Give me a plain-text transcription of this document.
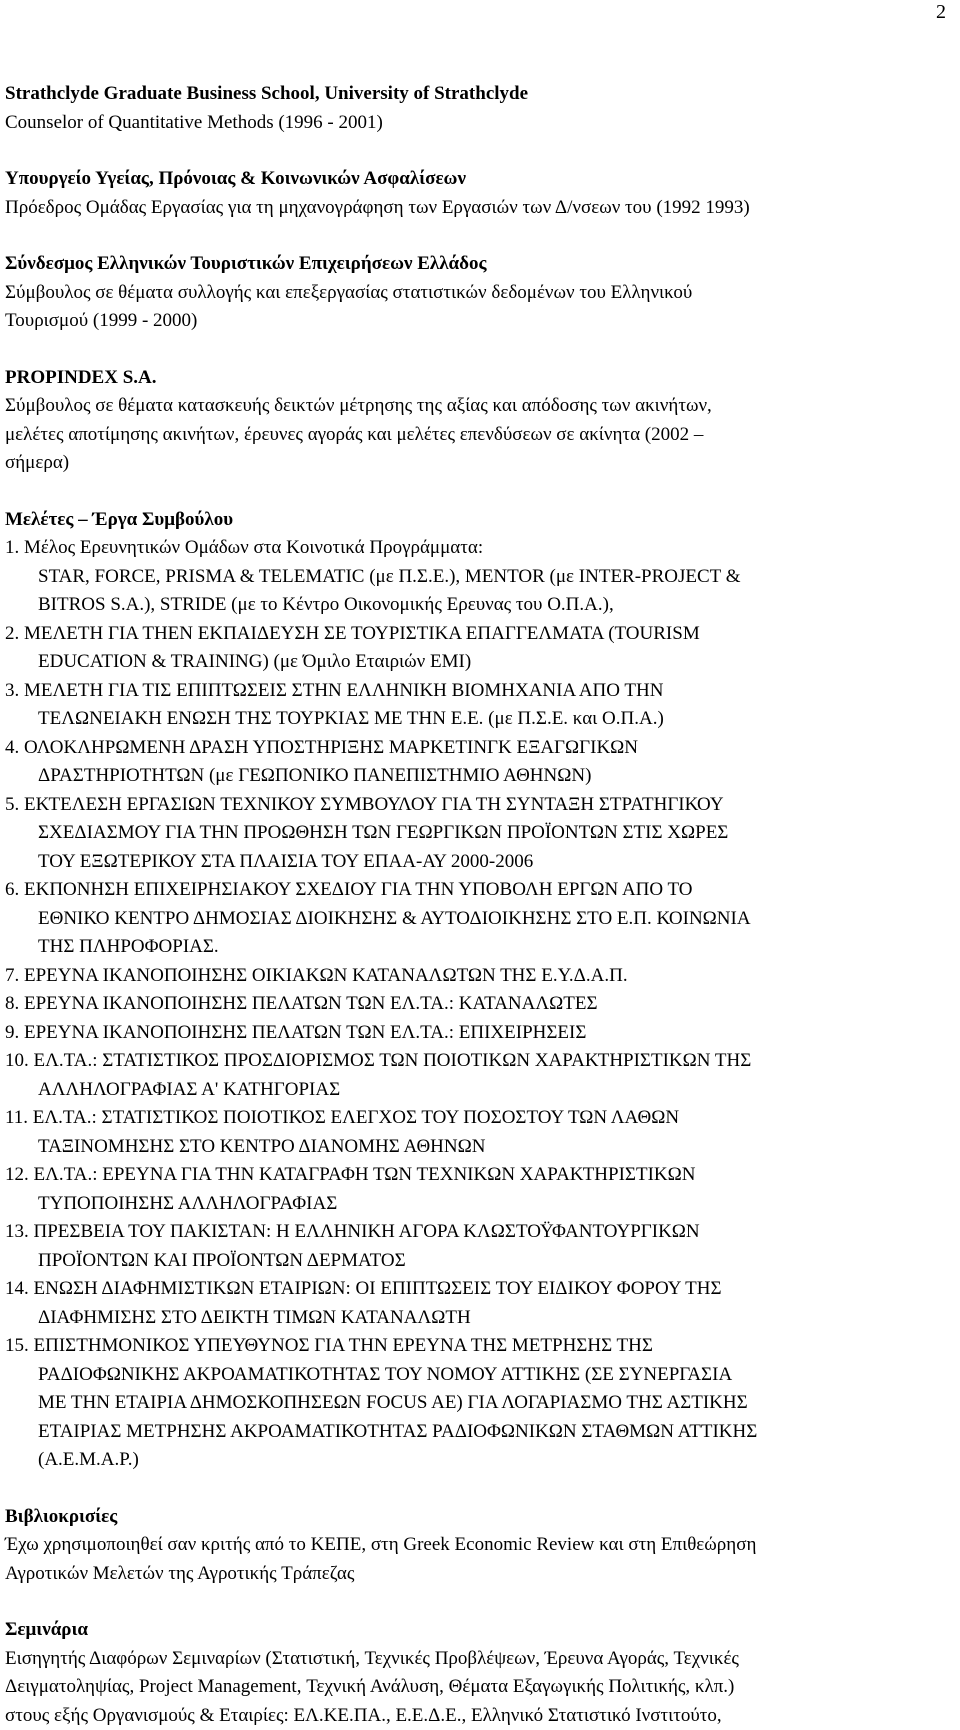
2
Strathclyde Graduate Business School, University of Strathclyde
Counselor of Quantitative Methods (1996 - 2001)
Υπουργείο Υγείας, Πρόνοιας & Κοινωνικών Ασφαλίσεων
Πρόεδρος Ομάδας Εργασίας για τη μηχανογράφηση των Εργασιών των Δ/νσεων του (1992 1993)
Σύνδεσμος Ελληνικών Τουριστικών Επιχειρήσεων Ελλάδος
Σύμβουλος σε θέματα συλλογής και επεξεργασίας στατιστικών δεδομένων του Ελληνικού
Τουρισμού (1999 - 2000)
PROPINDEX S.A.
Σύμβουλος σε θέματα κατασκευής δεικτών μέτρησης της αξίας και απόδοσης των ακινήτων,
μελέτες αποτίμησης ακινήτων, έρευνες αγοράς και μελέτες επενδύσεων σε ακίνητα (2002 –
σήμερα)
Μελέτες – Έργα Συμβούλου
1. Μέλος Ερευνητικών Ομάδων στα Κοινοτικά Προγράμματα:
STAR, FORCE, PRISMA & TELEMATIC (με Π.Σ.Ε.), MENTOR (με INTER-PROJECT &
BITROS S.A.), STRIDE (με το Κέντρο Οικονομικής Ερευνας του Ο.Π.Α.),
2. ΜΕΛΕΤΗ ΓΙΑ ΤΗΕΝ ΕΚΠΑΙΔΕΥΣΗ ΣΕ ΤΟΥΡΙΣΤΙΚΑ ΕΠΑΓΓΕΛΜΑΤΑ (TOURISM
EDUCATION & TRAINING) (με Όμιλο Εταιριών EMI)
3. ΜΕΛΕΤΗ ΓΙΑ ΤΙΣ ΕΠΙΠΤΩΣΕΙΣ ΣΤΗΝ ΕΛΛΗΝΙΚΗ ΒΙΟΜΗΧΑΝΙΑ ΑΠΟ ΤΗΝ
ΤΕΛΩΝΕΙΑΚΗ ΕΝΩΣΗ ΤΗΣ ΤΟΥΡΚΙΑΣ ΜΕ ΤΗΝ Ε.Ε. (με Π.Σ.Ε. και Ο.Π.Α.)
4. ΟΛΟΚΛΗΡΩΜΕΝΗ ΔΡΑΣΗ ΥΠΟΣΤΗΡΙΞΗΣ ΜΑΡΚΕΤΙΝΓΚ ΕΞΑΓΩΓΙΚΩΝ
ΔΡΑΣΤΗΡΙΟΤΗΤΩΝ (με ΓΕΩΠΟΝΙΚΟ ΠΑΝΕΠΙΣΤΗΜΙΟ ΑΘΗΝΩΝ)
5. ΕΚΤΕΛΕΣΗ ΕΡΓΑΣΙΩΝ ΤΕΧΝΙΚΟΥ ΣΥΜΒΟΥΛΟΥ ΓΙΑ ΤΗ ΣΥΝΤΑΞΗ ΣΤΡΑΤΗΓΙΚΟΥ
ΣΧΕΔΙΑΣΜΟΥ ΓΙΑ ΤΗΝ ΠΡΟΩΘΗΣΗ ΤΩΝ ΓΕΩΡΓΙΚΩΝ ΠΡΟΪΟΝΤΩΝ ΣΤΙΣ ΧΩΡΕΣ
ΤΟΥ ΕΞΩΤΕΡΙΚΟΥ ΣΤΑ ΠΛΑΙΣΙΑ ΤΟΥ ΕΠΑΑ-ΑΥ 2000-2006
6. ΕΚΠΟΝΗΣΗ ΕΠΙΧΕΙΡΗΣΙΑΚΟΥ ΣΧΕΔΙΟΥ ΓΙΑ ΤΗΝ ΥΠΟΒΟΛΗ ΕΡΓΩΝ ΑΠΟ ΤΟ
ΕΘΝΙΚΟ ΚΕΝΤΡΟ ΔΗΜΟΣΙΑΣ ΔΙΟΙΚΗΣΗΣ & ΑΥΤΟΔΙΟΙΚΗΣΗΣ ΣΤΟ Ε.Π. ΚΟΙΝΩΝΙΑ
ΤΗΣ ΠΛΗΡΟΦΟΡΙΑΣ.
7. ΕΡΕΥΝΑ ΙΚΑΝΟΠΟΙΗΣΗΣ ΟΙΚΙΑΚΩΝ ΚΑΤΑΝΑΛΩΤΩΝ ΤΗΣ Ε.Υ.Δ.Α.Π.
8. ΕΡΕΥΝΑ ΙΚΑΝΟΠΟΙΗΣΗΣ ΠΕΛΑΤΩΝ ΤΩΝ ΕΛ.ΤΑ.: ΚΑΤΑΝΑΛΩΤΕΣ
9. ΕΡΕΥΝΑ ΙΚΑΝΟΠΟΙΗΣΗΣ ΠΕΛΑΤΩΝ ΤΩΝ ΕΛ.ΤΑ.: ΕΠΙΧΕΙΡΗΣΕΙΣ
10. ΕΛ.ΤΑ.: ΣΤΑΤΙΣΤΙΚΟΣ ΠΡΟΣΔΙΟΡΙΣΜΟΣ ΤΩΝ ΠΟΙΟΤΙΚΩΝ ΧΑΡΑΚΤΗΡΙΣΤΙΚΩΝ ΤΗΣ
ΑΛΛΗΛΟΓΡΑΦΙΑΣ Α' ΚΑΤΗΓΟΡΙΑΣ
11. ΕΛ.ΤΑ.: ΣΤΑΤΙΣΤΙΚΟΣ ΠΟΙΟΤΙΚΟΣ ΕΛΕΓΧΟΣ ΤΟΥ ΠΟΣΟΣΤΟΥ ΤΩΝ ΛΑΘΩΝ
ΤΑΞΙΝΟΜΗΣΗΣ ΣΤΟ ΚΕΝΤΡΟ ΔΙΑΝΟΜΗΣ ΑΘΗΝΩΝ
12. ΕΛ.ΤΑ.: ΕΡΕΥΝΑ ΓΙΑ ΤΗΝ ΚΑΤΑΓΡΑΦΗ ΤΩΝ ΤΕΧΝΙΚΩΝ ΧΑΡΑΚΤΗΡΙΣΤΙΚΩΝ
ΤΥΠΟΠΟΙΗΣΗΣ ΑΛΛΗΛΟΓΡΑΦΙΑΣ
13. ΠΡΕΣΒΕΙΑ ΤΟΥ ΠΑΚΙΣΤΑΝ: Η ΕΛΛΗΝΙΚΗ ΑΓΟΡΑ ΚΛΩΣΤΟΫΦΑΝΤΟΥΡΓΙΚΩΝ
ΠΡΟΪΟΝΤΩΝ ΚΑΙ ΠΡΟΪΟΝΤΩΝ ΔΕΡΜΑΤΟΣ
14. ΕΝΩΣΗ ΔΙΑΦΗΜΙΣΤΙΚΩΝ ΕΤΑΙΡΙΩΝ: ΟΙ ΕΠΙΠΤΩΣΕΙΣ ΤΟΥ ΕΙΔΙΚΟΥ ΦΟΡΟΥ ΤΗΣ
ΔΙΑΦΗΜΙΣΗΣ ΣΤΟ ΔΕΙΚΤΗ ΤΙΜΩΝ ΚΑΤΑΝΑΛΩΤΗ
15. ΕΠΙΣΤΗΜΟΝΙΚΟΣ ΥΠΕΥΘΥΝΟΣ ΓΙΑ ΤΗΝ ΕΡΕΥΝΑ ΤΗΣ ΜΕΤΡΗΣΗΣ ΤΗΣ
ΡΑΔΙΟΦΩΝΙΚΗΣ ΑΚΡΟΑΜΑΤΙΚΟΤΗΤΑΣ ΤΟΥ ΝΟΜΟΥ ΑΤΤΙΚΗΣ (ΣΕ ΣΥΝΕΡΓΑΣΙΑ
ΜΕ ΤΗΝ ΕΤΑΙΡΙΑ ΔΗΜΟΣΚΟΠΗΣΕΩΝ FOCUS AE) ΓΙΑ ΛΟΓΑΡΙΑΣΜΟ ΤΗΣ ΑΣΤΙΚΗΣ
ΕΤΑΙΡΙΑΣ ΜΕΤΡΗΣΗΣ ΑΚΡΟΑΜΑΤΙΚΟΤΗΤΑΣ ΡΑΔΙΟΦΩΝΙΚΩΝ ΣΤΑΘΜΩΝ ΑΤΤΙΚΗΣ
(Α.Ε.Μ.Α.Ρ.)
Βιβλιοκρισίες
Έχω χρησιμοποιηθεί σαν κριτής από το ΚΕΠΕ, στη Greek Economic Review και στη Επιθεώρηση
Αγροτικών Μελετών της Αγροτικής Τράπεζας
Σεμινάρια
Εισηγητής Διαφόρων Σεμιναρίων (Στατιστική, Τεχνικές Προβλέψεων, Έρευνα Αγοράς, Τεχνικές
Δειγματοληψίας, Project Management, Τεχνική Ανάλυση, Θέματα Εξαγωγικής Πολιτικής, κλπ.)
στους εξής Οργανισμούς & Εταιρίες: ΕΛ.ΚΕ.ΠΑ., Ε.Ε.Δ.Ε., Ελληνικό Στατιστικό Ινστιτούτο,
